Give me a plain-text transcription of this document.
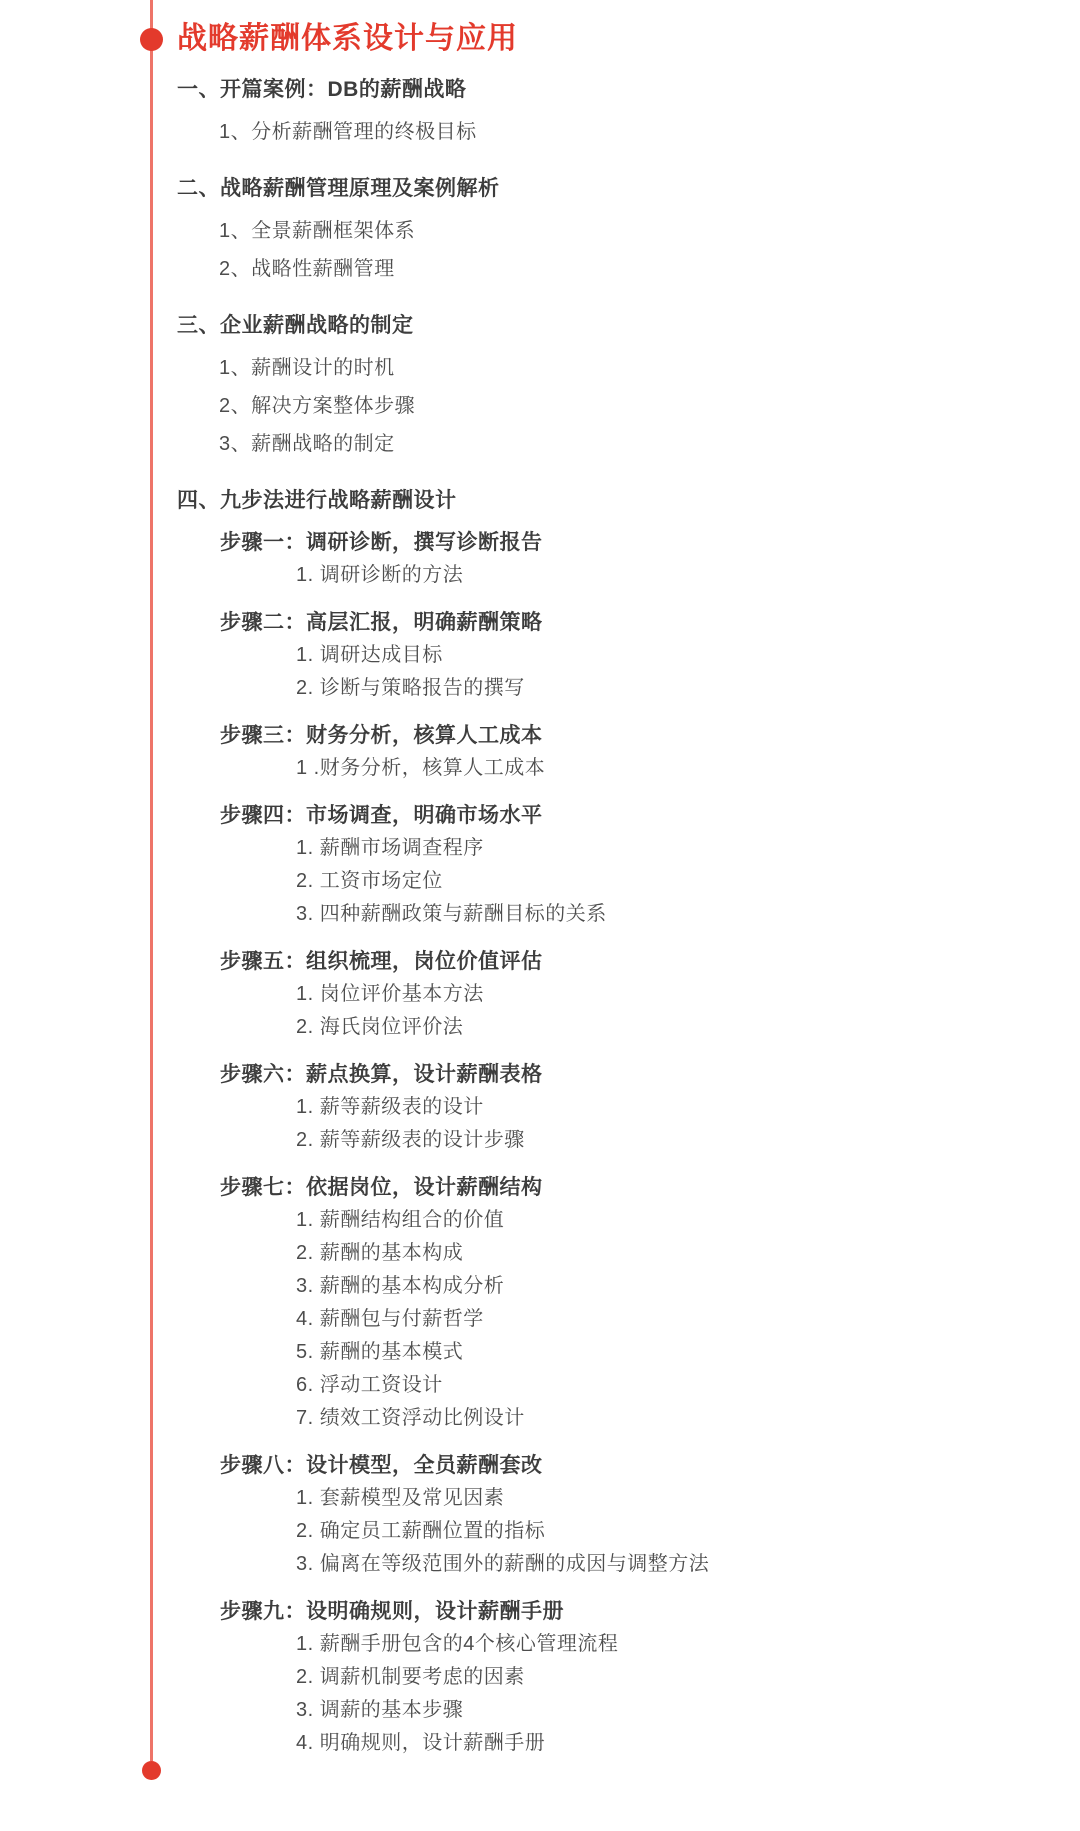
战略薪酬体系设计与应用
一、开篇案例：DB的薪酬战略
1、分析薪酬管理的终极目标
二、战略薪酬管理原理及案例解析
1、全景薪酬框架体系
2、战略性薪酬管理
三、企业薪酬战略的制定
1、薪酬设计的时机
2、解决方案整体步骤
3、薪酬战略的制定
四、九步法进行战略薪酬设计
步骤一：调研诊断，撰写诊断报告
1. 调研诊断的方法
步骤二：高层汇报，明确薪酬策略
1. 调研达成目标
2. 诊断与策略报告的撰写
步骤三：财务分析，核算人工成本
1 .财务分析，核算人工成本
步骤四：市场调查，明确市场水平
1. 薪酬市场调查程序
2. 工资市场定位
3. 四种薪酬政策与薪酬目标的关系
步骤五：组织梳理，岗位价值评估
1. 岗位评价基本方法
2. 海氏岗位评价法
步骤六：薪点换算，设计薪酬表格
1. 薪等薪级表的设计
2. 薪等薪级表的设计步骤
步骤七：依据岗位，设计薪酬结构
1. 薪酬结构组合的价值
2. 薪酬的基本构成
3. 薪酬的基本构成分析
4. 薪酬包与付薪哲学
5. 薪酬的基本模式
6. 浮动工资设计
7. 绩效工资浮动比例设计
步骤八：设计模型，全员薪酬套改
1. 套薪模型及常见因素
2. 确定员工薪酬位置的指标
3. 偏离在等级范围外的薪酬的成因与调整方法
步骤九：设明确规则，设计薪酬手册
1. 薪酬手册包含的4个核心管理流程
2. 调薪机制要考虑的因素
3. 调薪的基本步骤
4. 明确规则，设计薪酬手册
